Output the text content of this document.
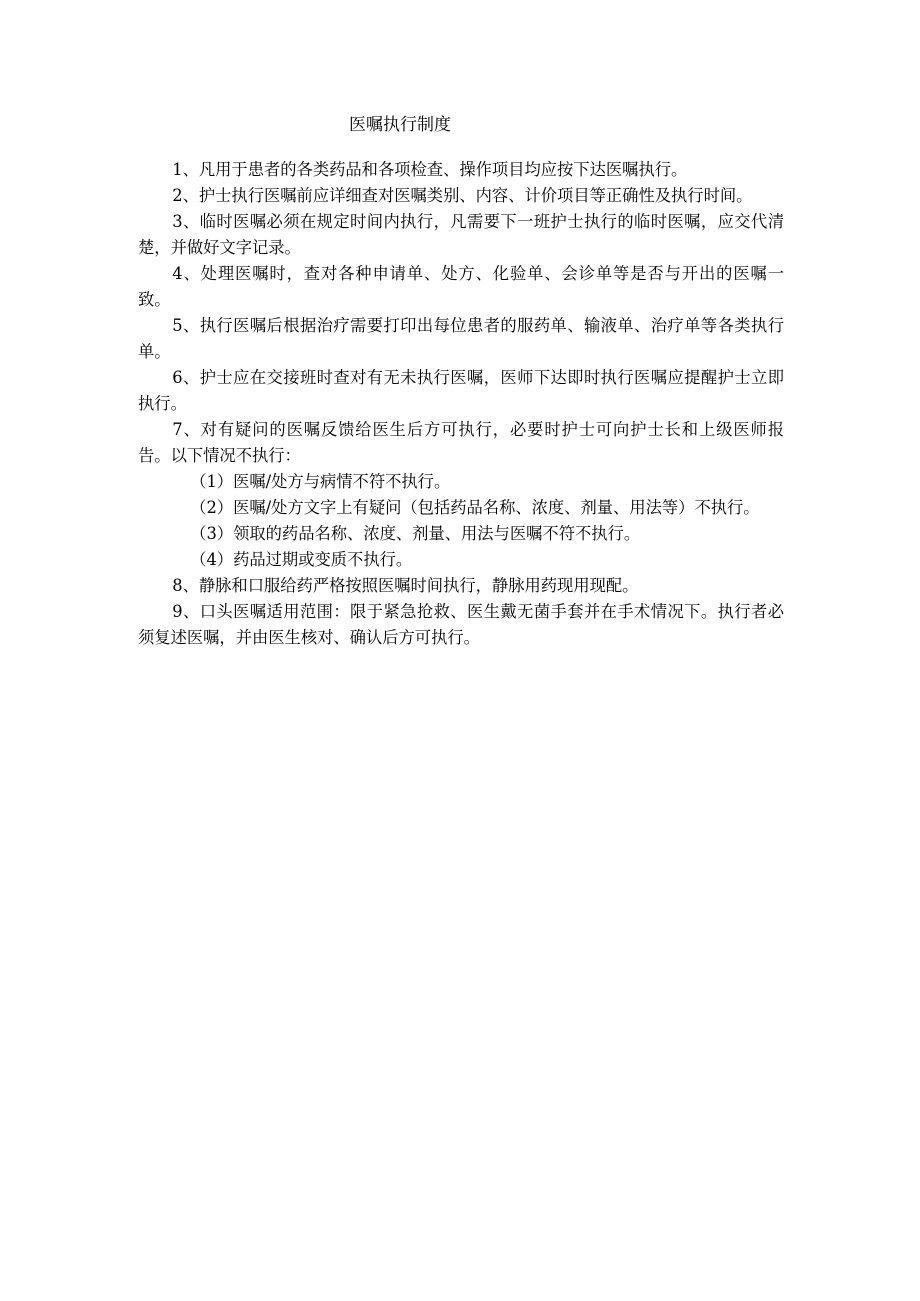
医嘱执行制度

1、凡用于患者的各类药品和各项检查、操作项目均应按下达医嘱执行。

2、护士执行医嘱前应详细查对医嘱类别、内容、计价项目等正确性及执行时间。

3、临时医嘱必须在规定时间内执行，凡需要下一班护士执行的临时医嘱，应交代清楚，并做好文字记录。

4、处理医嘱时，查对各种申请单、处方、化验单、会诊单等是否与开出的医嘱一致。

5、执行医嘱后根据治疗需要打印出每位患者的服药单、输液单、治疗单等各类执行单。

6、护士应在交接班时查对有无未执行医嘱，医师下达即时执行医嘱应提醒护士立即执行。

7、对有疑问的医嘱反馈给医生后方可执行，必要时护士可向护士长和上级医师报告。以下情况不执行：

（1）医嘱/处方与病情不符不执行。

（2）医嘱/处方文字上有疑问（包括药品名称、浓度、剂量、用法等）不执行。

（3）领取的药品名称、浓度、剂量、用法与医嘱不符不执行。

（4）药品过期或变质不执行。

8、静脉和口服给药严格按照医嘱时间执行，静脉用药现用现配。

9、口头医嘱适用范围：限于紧急抢救、医生戴无菌手套并在手术情况下。执行者必须复述医嘱，并由医生核对、确认后方可执行。
